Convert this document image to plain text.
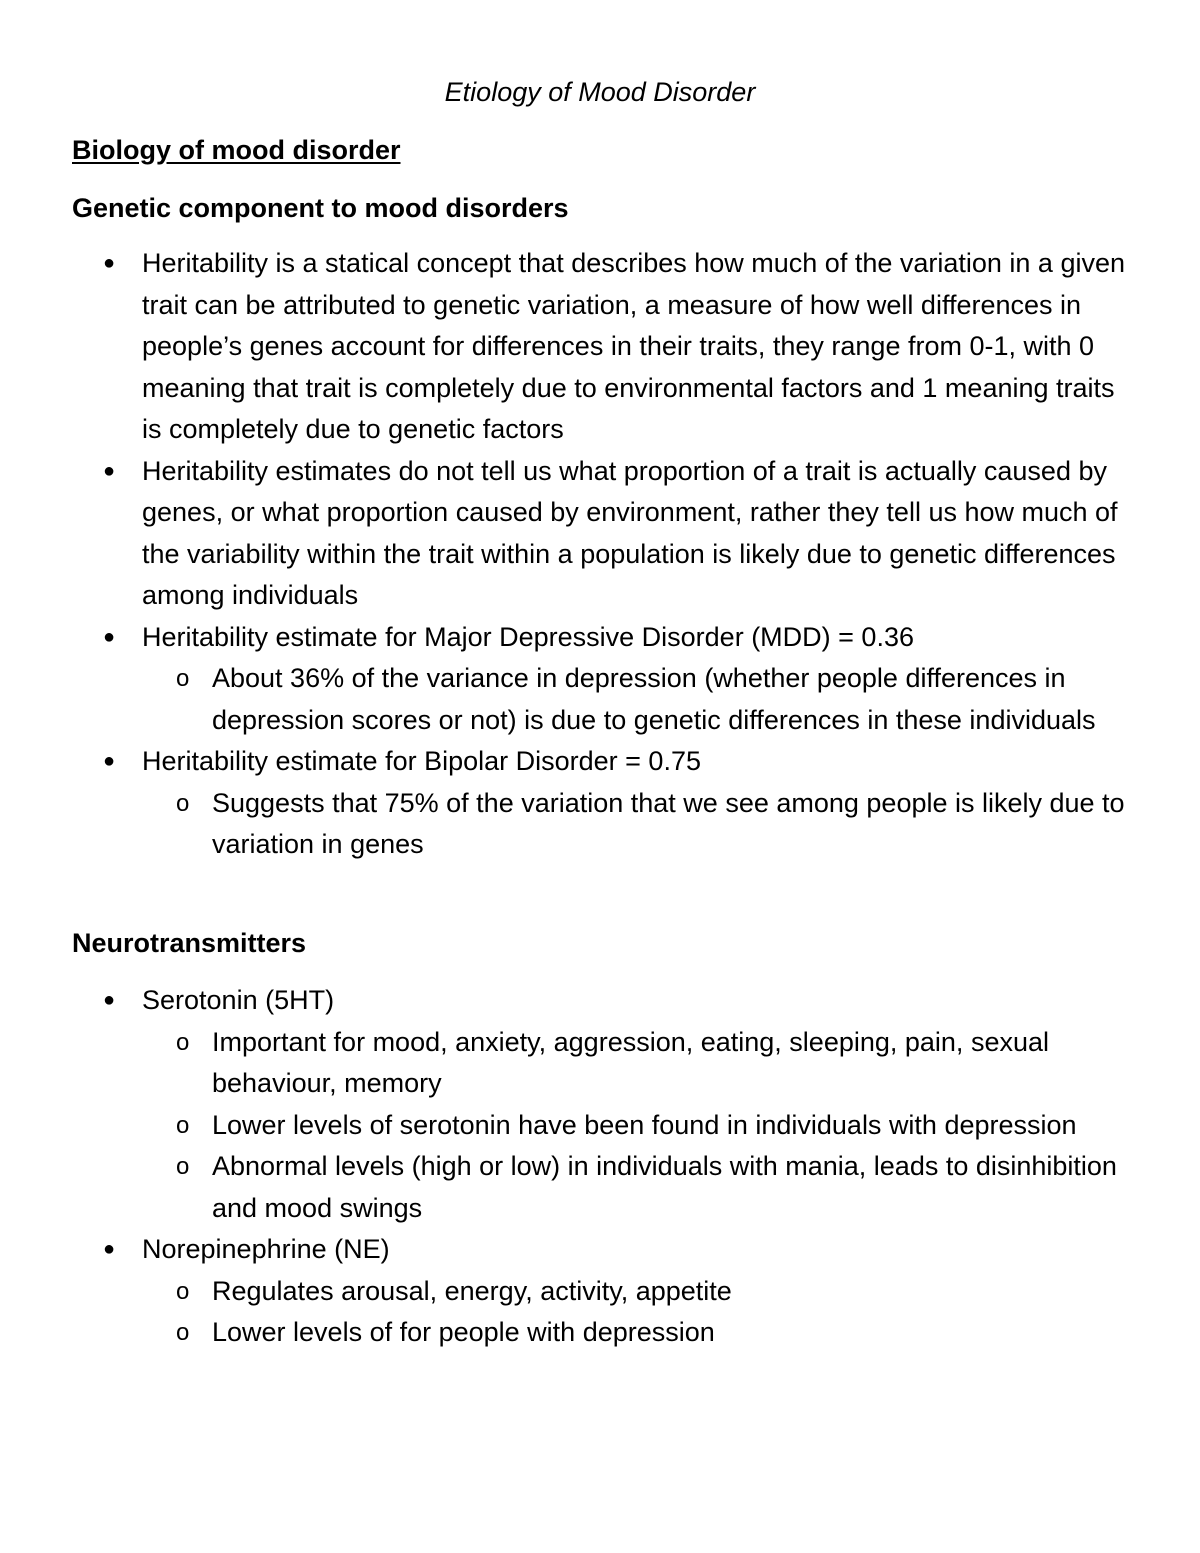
Etiology of Mood Disorder
Biology of mood disorder
Genetic component to mood disorders
● Heritability is a statical concept that describes how much of the variation in a given trait can be attributed to genetic variation, a measure of how well differences in people’s genes account for differences in their traits, they range from 0-1, with 0 meaning that trait is completely due to environmental factors and 1 meaning traits is completely due to genetic factors
● Heritability estimates do not tell us what proportion of a trait is actually caused by genes, or what proportion caused by environment, rather they tell us how much of the variability within the trait within a population is likely due to genetic differences among individuals
● Heritability estimate for Major Depressive Disorder (MDD) = 0.36
o About 36% of the variance in depression (whether people differences in depression scores or not) is due to genetic differences in these individuals
● Heritability estimate for Bipolar Disorder = 0.75
o Suggests that 75% of the variation that we see among people is likely due to variation in genes
Neurotransmitters
● Serotonin (5HT)
o Important for mood, anxiety, aggression, eating, sleeping, pain, sexual behaviour, memory
o Lower levels of serotonin have been found in individuals with depression
o Abnormal levels (high or low) in individuals with mania, leads to disinhibition and mood swings
● Norepinephrine (NE)
o Regulates arousal, energy, activity, appetite
o Lower levels of for people with depression
